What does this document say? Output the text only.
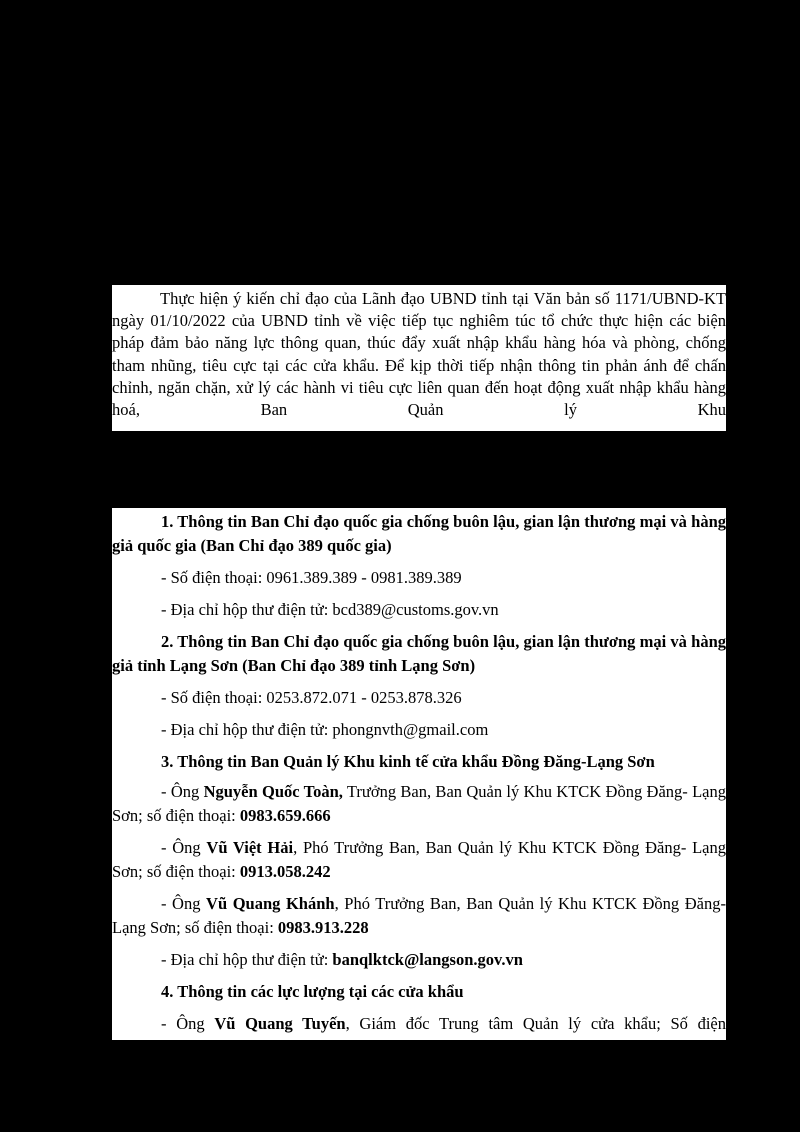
Thực hiện ý kiến chỉ đạo của Lãnh đạo UBND tỉnh tại Văn bản số 1171/UBND-KT ngày 01/10/2022 của UBND tỉnh về việc tiếp tục nghiêm túc tổ chức thực hiện các biện pháp đảm bảo năng lực thông quan, thúc đẩy xuất nhập khẩu hàng hóa và phòng, chống tham nhũng, tiêu cực tại các cửa khẩu. Để kịp thời tiếp nhận thông tin phản ánh để chấn chỉnh, ngăn chặn, xử lý các hành vi tiêu cực liên quan đến hoạt động xuất nhập khẩu hàng hoá, Ban Quản lý Khu

1. Thông tin Ban Chỉ đạo quốc gia chống buôn lậu, gian lận thương mại và hàng giả quốc gia (Ban Chỉ đạo 389 quốc gia)

- Số điện thoại: 0961.389.389 - 0981.389.389

- Địa chỉ hộp thư điện tử: bcd389@customs.gov.vn

2. Thông tin Ban Chỉ đạo quốc gia chống buôn lậu, gian lận thương mại và hàng giả tỉnh Lạng Sơn (Ban Chỉ đạo 389 tỉnh Lạng Sơn)

- Số điện thoại: 0253.872.071 - 0253.878.326

- Địa chỉ hộp thư điện tử: phongnvth@gmail.com

3. Thông tin Ban Quản lý Khu kinh tế cửa khẩu Đồng Đăng-Lạng Sơn

- Ông Nguyễn Quốc Toàn, Trưởng Ban, Ban Quản lý Khu KTCK Đồng Đăng- Lạng Sơn; số điện thoại: 0983.659.666

- Ông Vũ Việt Hải, Phó Trưởng Ban, Ban Quản lý Khu KTCK Đồng Đăng- Lạng Sơn; số điện thoại: 0913.058.242

- Ông Vũ Quang Khánh, Phó Trưởng Ban, Ban Quản lý Khu KTCK Đồng Đăng- Lạng Sơn; số điện thoại: 0983.913.228

- Địa chỉ hộp thư điện tử: banqlktck@langson.gov.vn

4. Thông tin các lực lượng tại các cửa khẩu

- Ông Vũ Quang Tuyến, Giám đốc Trung tâm Quản lý cửa khẩu; Số điện
